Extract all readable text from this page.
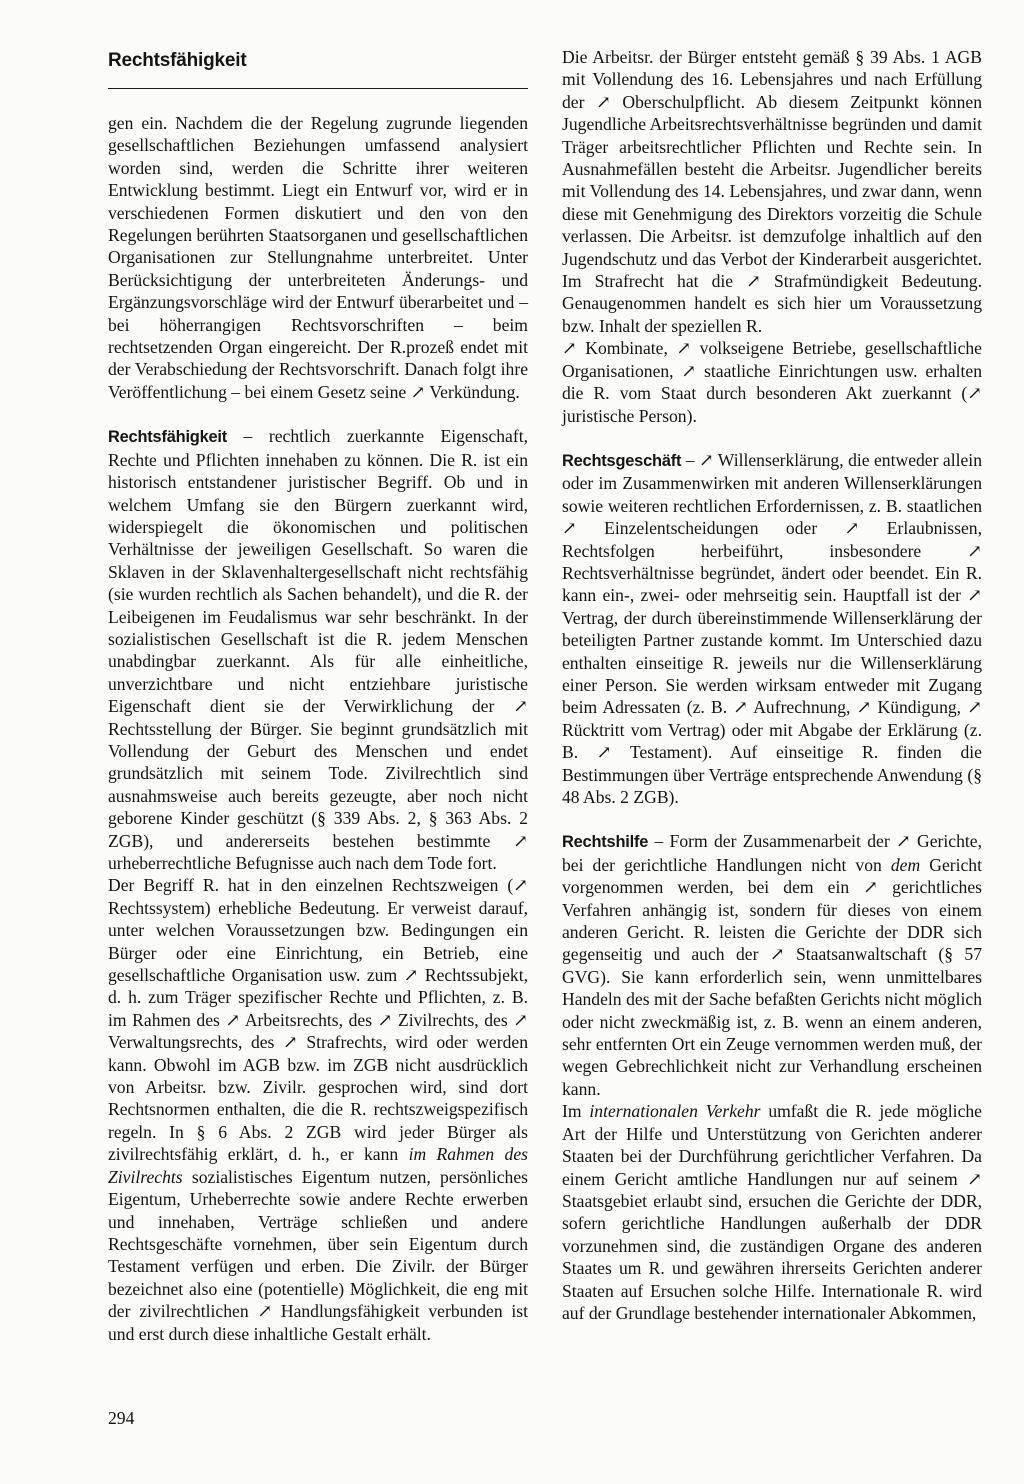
Rechtsfähigkeit

gen ein. Nachdem die der Regelung zugrunde liegenden gesellschaftlichen Beziehungen umfassend analysiert worden sind, werden die Schritte ihrer weiteren Entwicklung bestimmt. Liegt ein Entwurf vor, wird er in verschiedenen Formen diskutiert und den von den Regelungen berührten Staatsorganen und gesellschaftlichen Organisationen zur Stellungnahme unterbreitet. Unter Berücksichtigung der unterbreiteten Änderungs- und Ergänzungsvorschläge wird der Entwurf überarbeitet und – bei höherrangigen Rechtsvorschriften – beim rechtsetzenden Organ eingereicht. Der R.prozeß endet mit der Verabschiedung der Rechtsvorschrift. Danach folgt ihre Veröffentlichung – bei einem Gesetz seine ↗ Verkündung.

Rechtsfähigkeit – rechtlich zuerkannte Eigenschaft, Rechte und Pflichten innehaben zu können. Die R. ist ein historisch entstandener juristischer Begriff. Ob und in welchem Umfang sie den Bürgern zuerkannt wird, widerspiegelt die ökonomischen und politischen Verhältnisse der jeweiligen Gesellschaft. So waren die Sklaven in der Sklavenhaltergesellschaft nicht rechtsfähig (sie wurden rechtlich als Sachen behandelt), und die R. der Leibeigenen im Feudalismus war sehr beschränkt. In der sozialistischen Gesellschaft ist die R. jedem Menschen unabdingbar zuerkannt. Als für alle einheitliche, unverzichtbare und nicht entziehbare juristische Eigenschaft dient sie der Verwirklichung der ↗ Rechtsstellung der Bürger. Sie beginnt grundsätzlich mit Vollendung der Geburt des Menschen und endet grundsätzlich mit seinem Tode. Zivilrechtlich sind ausnahmsweise auch bereits gezeugte, aber noch nicht geborene Kinder geschützt (§ 339 Abs. 2, § 363 Abs. 2 ZGB), und andererseits bestehen bestimmte ↗ urheberrechtliche Befugnisse auch nach dem Tode fort.

Der Begriff R. hat in den einzelnen Rechtszweigen (↗ Rechtssystem) erhebliche Bedeutung. Er verweist darauf, unter welchen Voraussetzungen bzw. Bedingungen ein Bürger oder eine Einrichtung, ein Betrieb, eine gesellschaftliche Organisation usw. zum ↗ Rechtssubjekt, d. h. zum Träger spezifischer Rechte und Pflichten, z. B. im Rahmen des ↗ Arbeitsrechts, des ↗ Zivilrechts, des ↗ Verwaltungsrechts, des ↗ Strafrechts, wird oder werden kann. Obwohl im AGB bzw. im ZGB nicht ausdrücklich von Arbeitsr. bzw. Zivilr. gesprochen wird, sind dort Rechtsnormen enthalten, die die R. rechtszweigspezifisch regeln. In § 6 Abs. 2 ZGB wird jeder Bürger als zivilrechtsfähig erklärt, d. h., er kann im Rahmen des Zivilrechts sozialistisches Eigentum nutzen, persönliches Eigentum, Urheberrechte sowie andere Rechte erwerben und innehaben, Verträge schließen und andere Rechtsgeschäfte vornehmen, über sein Eigentum durch Testament verfügen und erben. Die Zivilr. der Bürger bezeichnet also eine (potentielle) Möglichkeit, die eng mit der zivilrechtlichen ↗ Handlungsfähigkeit verbunden ist und erst durch diese inhaltliche Gestalt erhält.

Die Arbeitsr. der Bürger entsteht gemäß § 39 Abs. 1 AGB mit Vollendung des 16. Lebensjahres und nach Erfüllung der ↗ Oberschulpflicht. Ab diesem Zeitpunkt können Jugendliche Arbeitsrechtsverhältnisse begründen und damit Träger arbeitsrechtlicher Pflichten und Rechte sein. In Ausnahmefällen besteht die Arbeitsr. Jugendlicher bereits mit Vollendung des 14. Lebensjahres, und zwar dann, wenn diese mit Genehmigung des Direktors vorzeitig die Schule verlassen. Die Arbeitsr. ist demzufolge inhaltlich auf den Jugendschutz und das Verbot der Kinderarbeit ausgerichtet. Im Strafrecht hat die ↗ Strafmündigkeit Bedeutung. Genaugenommen handelt es sich hier um Voraussetzung bzw. Inhalt der speziellen R.

↗ Kombinate, ↗ volkseigene Betriebe, gesellschaftliche Organisationen, ↗ staatliche Einrichtungen usw. erhalten die R. vom Staat durch besonderen Akt zuerkannt (↗ juristische Person).

Rechtsgeschäft – ↗ Willenserklärung, die entweder allein oder im Zusammenwirken mit anderen Willenserklärungen sowie weiteren rechtlichen Erfordernissen, z. B. staatlichen ↗ Einzelentscheidungen oder ↗ Erlaubnissen, Rechtsfolgen herbeiführt, insbesondere ↗ Rechtsverhältnisse begründet, ändert oder beendet. Ein R. kann ein-, zwei- oder mehrseitig sein. Hauptfall ist der ↗ Vertrag, der durch übereinstimmende Willenserklärung der beteiligten Partner zustande kommt. Im Unterschied dazu enthalten einseitige R. jeweils nur die Willenserklärung einer Person. Sie werden wirksam entweder mit Zugang beim Adressaten (z. B. ↗ Aufrechnung, ↗ Kündigung, ↗ Rücktritt vom Vertrag) oder mit Abgabe der Erklärung (z. B. ↗ Testament). Auf einseitige R. finden die Bestimmungen über Verträge entsprechende Anwendung (§ 48 Abs. 2 ZGB).

Rechtshilfe – Form der Zusammenarbeit der ↗ Gerichte, bei der gerichtliche Handlungen nicht von dem Gericht vorgenommen werden, bei dem ein ↗ gerichtliches Verfahren anhängig ist, sondern für dieses von einem anderen Gericht. R. leisten die Gerichte der DDR sich gegenseitig und auch der ↗ Staatsanwaltschaft (§ 57 GVG). Sie kann erforderlich sein, wenn unmittelbares Handeln des mit der Sache befaßten Gerichts nicht möglich oder nicht zweckmäßig ist, z. B. wenn an einem anderen, sehr entfernten Ort ein Zeuge vernommen werden muß, der wegen Gebrechlichkeit nicht zur Verhandlung erscheinen kann.

Im internationalen Verkehr umfaßt die R. jede mögliche Art der Hilfe und Unterstützung von Gerichten anderer Staaten bei der Durchführung gerichtlicher Verfahren. Da einem Gericht amtliche Handlungen nur auf seinem ↗ Staatsgebiet erlaubt sind, ersuchen die Gerichte der DDR, sofern gerichtliche Handlungen außerhalb der DDR vorzunehmen sind, die zuständigen Organe des anderen Staates um R. und gewähren ihrerseits Gerichten anderer Staaten auf Ersuchen solche Hilfe. Internationale R. wird auf der Grundlage bestehender internationaler Abkommen,

294
